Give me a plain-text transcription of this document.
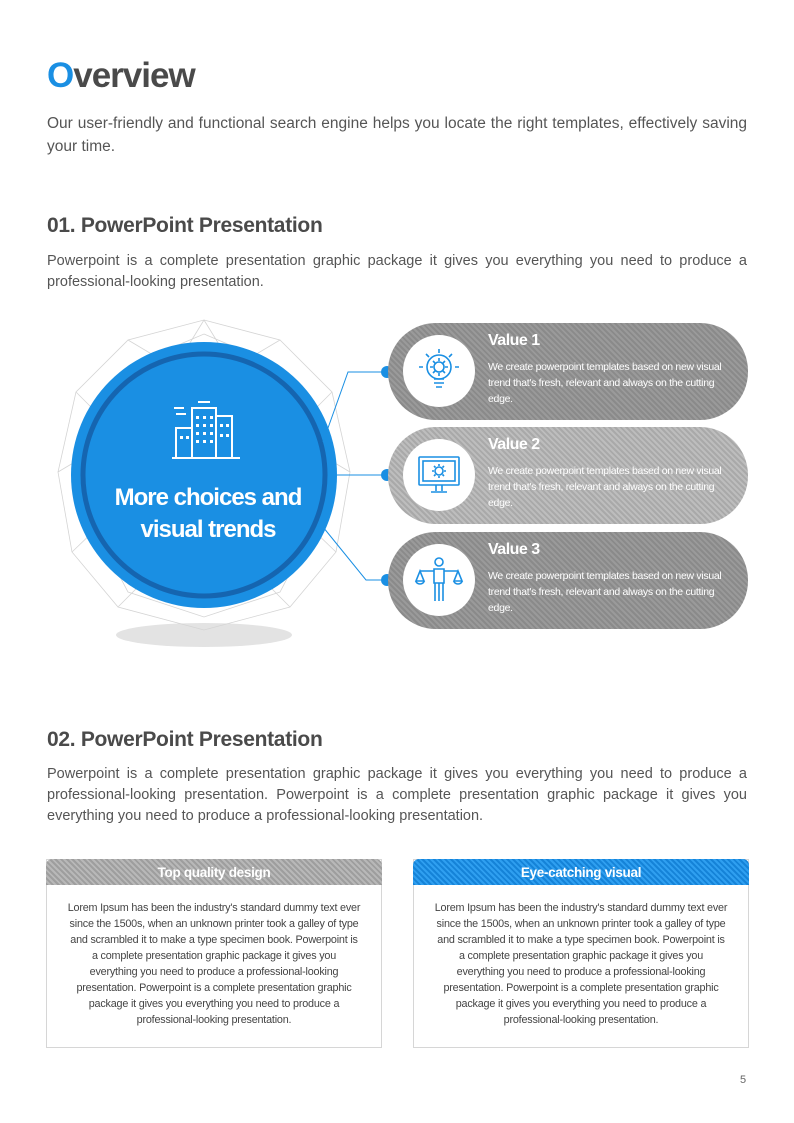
Overview
Our user-friendly and functional search engine helps you locate the right templates, effectively saving your time.
01. PowerPoint Presentation
Powerpoint is a complete presentation graphic package it gives you everything you need to produce a professional-looking presentation.
More choices and
visual trends
Value 1
We create powerpoint templates based on new visual trend that's fresh, relevant and always on the cutting edge.
Value 2
We create powerpoint templates based on new visual trend that's fresh, relevant and always on the cutting edge.
Value 3
We create powerpoint templates based on new visual trend that's fresh, relevant and always on the cutting edge.
02. PowerPoint Presentation
Powerpoint is a complete presentation graphic package it gives you everything you need to produce a professional-looking presentation. Powerpoint is a complete presentation graphic package it gives you everything you need to produce a professional-looking presentation.
Top quality design
Lorem Ipsum has been the industry's standard dummy text ever since the 1500s, when an unknown printer took a galley of type and scrambled it to make a type specimen book. Powerpoint is a complete presentation graphic package it gives you everything you need to produce a professional-looking presentation. Powerpoint is a complete presentation graphic package it gives you everything you need to produce a professional-looking presentation.
Eye-catching visual
Lorem Ipsum has been the industry's standard dummy text ever since the 1500s, when an unknown printer took a galley of type and scrambled it to make a type specimen book. Powerpoint is a complete presentation graphic package it gives you everything you need to produce a professional-looking presentation. Powerpoint is a complete presentation graphic package it gives you everything you need to produce a professional-looking presentation.
5
